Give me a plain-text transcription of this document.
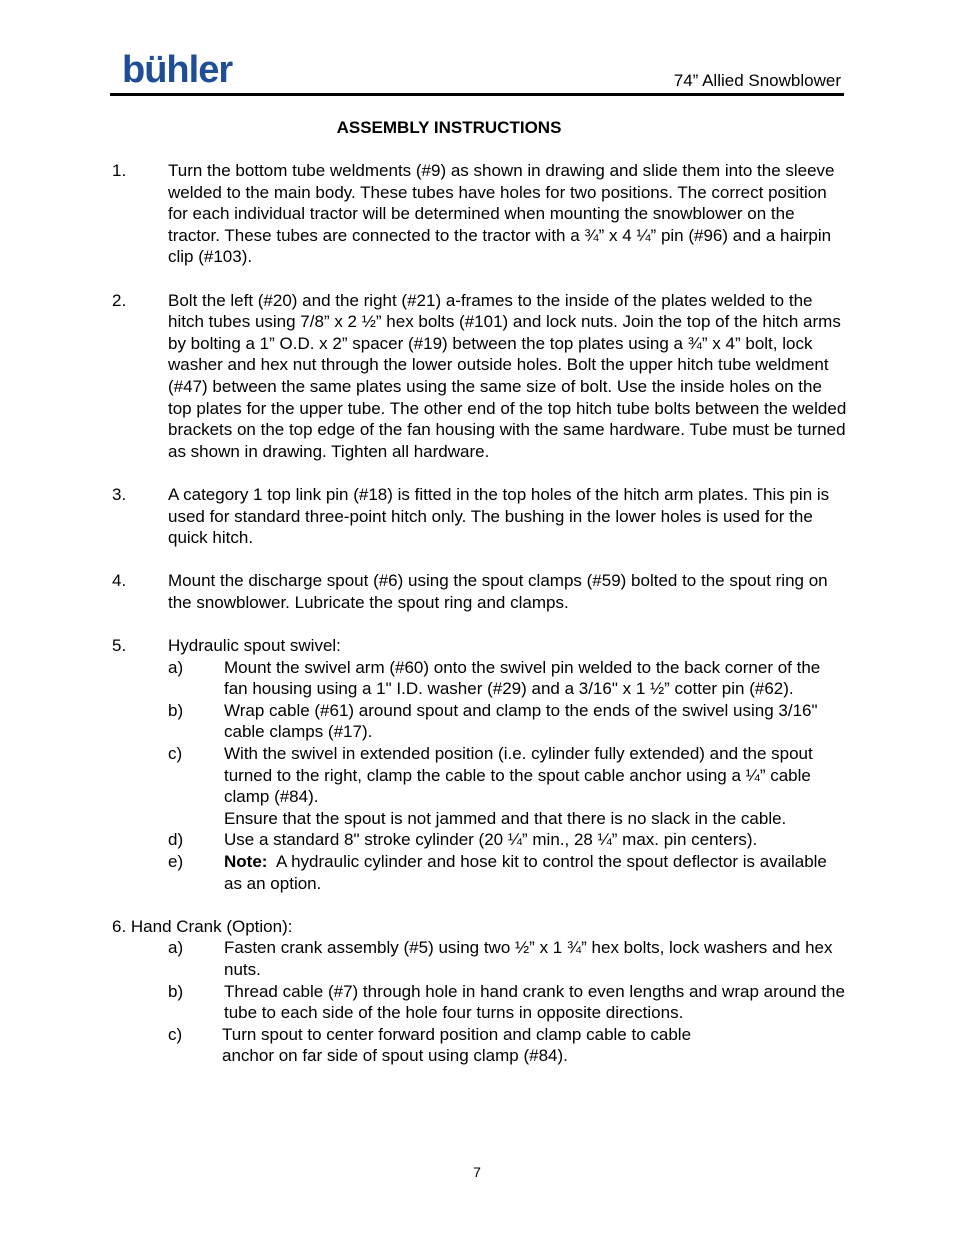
bühler	74” Allied Snowblower
ASSEMBLY INSTRUCTIONS
1. Turn the bottom tube weldments (#9) as shown in drawing and slide them into the sleeve welded to the main body. These tubes have holes for two positions. The correct position for each individual tractor will be determined when mounting the snowblower on the tractor. These tubes are connected to the tractor with a ¾” x 4 ¼” pin (#96) and a hairpin clip (#103).
2. Bolt the left (#20) and the right (#21) a-frames to the inside of the plates welded to the hitch tubes using 7/8” x 2 ½” hex bolts (#101) and lock nuts. Join the top of the hitch arms by bolting a 1” O.D. x 2” spacer (#19) between the top plates using a ¾” x 4” bolt, lock washer and hex nut through the lower outside holes. Bolt the upper hitch tube weldment (#47) between the same plates using the same size of bolt. Use the inside holes on the top plates for the upper tube. The other end of the top hitch tube bolts between the welded brackets on the top edge of the fan housing with the same hardware. Tube must be turned as shown in drawing. Tighten all hardware.
3. A category 1 top link pin (#18) is fitted in the top holes of the hitch arm plates. This pin is used for standard three-point hitch only. The bushing in the lower holes is used for the quick hitch.
4. Mount the discharge spout (#6) using the spout clamps (#59) bolted to the spout ring on the snowblower. Lubricate the spout ring and clamps.
5. Hydraulic spout swivel:
a) Mount the swivel arm (#60) onto the swivel pin welded to the back corner of the fan housing using a 1" I.D. washer (#29) and a 3/16" x 1 ½” cotter pin (#62).
b) Wrap cable (#61) around spout and clamp to the ends of the swivel using 3/16" cable clamps (#17).
c) With the swivel in extended position (i.e. cylinder fully extended) and the spout turned to the right, clamp the cable to the spout cable anchor using a ¼” cable clamp (#84).
Ensure that the spout is not jammed and that there is no slack in the cable.
d) Use a standard 8" stroke cylinder (20 ¼” min., 28 ¼” max. pin centers).
e) Note:  A hydraulic cylinder and hose kit to control the spout deflector is available as an option.
6. Hand Crank (Option):
a) Fasten crank assembly (#5) using two ½” x 1 ¾” hex bolts, lock washers and hex nuts.
b) Thread cable (#7) through hole in hand crank to even lengths and wrap around the tube to each side of the hole four turns in opposite directions.
c) Turn spout to center forward position and clamp cable to cable anchor on far side of spout using clamp (#84).
7
